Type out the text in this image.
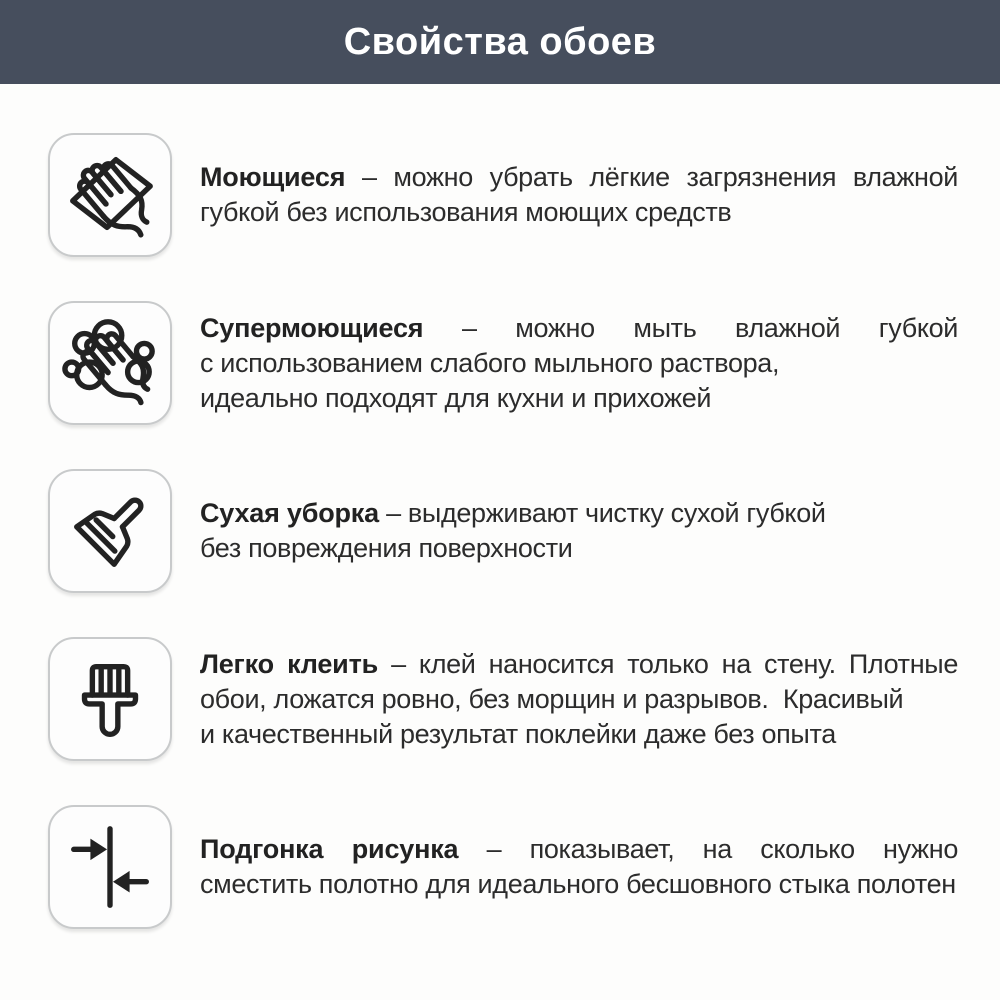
Свойства обоев
Моющиеся – можно убрать лёгкие загрязнения влажной
губкой без использования моющих средств
Супермоющиеся – можно мыть влажной губкой
с использованием слабого мыльного раствора,
идеально подходят для кухни и прихожей
Сухая уборка – выдерживают чистку сухой губкой
без повреждения поверхности
Легко клеить – клей наносится только на стену. Плотные
обои, ложатся ровно, без морщин и разрывов.  Красивый
и качественный результат поклейки даже без опыта
Подгонка рисунка – показывает, на сколько нужно
сместить полотно для идеального бесшовного стыка полотен
